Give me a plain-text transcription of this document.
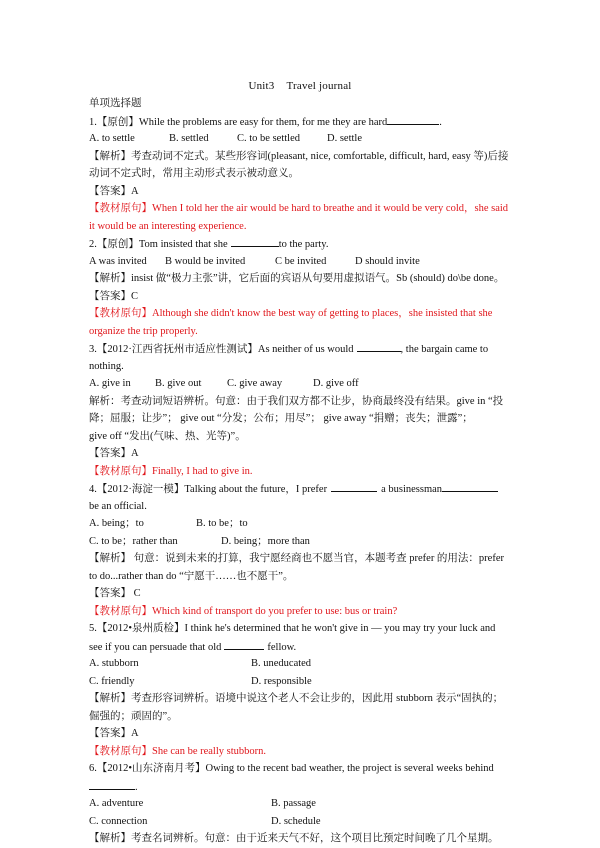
Unit3 Travel journal
单项选择题
1.【原创】While the problems are easy for them, for me they are hard	.
A. to settle	B. settled	C. to be settled	D. settle
【解析】考查动词不定式。某些形容词(pleasant, nice, comfortable, difficult, hard, easy 等)后接
动词不定式时，常用主动形式表示被动意义。
【答案】A
【教材原句】When I told her the air would be hard to breathe and it would be very cold，she said
it would be an interesting experience.
2.【原创】Tom insisted that she	to the party.
A was invited B would be invited	C be invited	D should invite
【解析】insist 做“极力主张”讲，它后面的宾语从句要用虚拟语气。Sb (should) do\be done。
【答案】C
【教材原句】Although she didn't know the best way of getting to places，she insisted that she
organize the trip properly.
3.【2012·江西省抚州市适应性测试】As neither of us would	, the bargain came to
nothing.
A. give in B. give out C. give away	D. give off
解析：考查动词短语辨析。句意：由于我们双方都不让步，协商最终没有结果。give in “投
降；屈服；让步”； give out “分发；公布；用尽”； give away “捐赠；丧失；泄露”；
give off “发出(气味、热、光等)”。
【答案】A
【教材原句】Finally, I had to give in.
4.【2012·海淀一模】Talking about the future，I prefer	a businessman
be an official.
A. being；to	B. to be；to
C. to be；rather than	D. being；more than
【解析】 句意：说到未来的打算，我宁愿经商也不愿当官，本题考查 prefer 的用法：prefer
to do...rather than do “宁愿干……也不愿干”。
【答案】 C
【教材原句】Which kind of transport do you prefer to use: bus or train?
5.【2012•泉州质检】I think he's determined that he won't give in — you may try your luck and
see if you can persuade that old	fellow.
A. stubborn	B. uneducated
C. friendly	D. responsible
【解析】考查形容词辨析。语境中说这个老人不会让步的，因此用 stubborn 表示“固执的；
倔强的；顽固的”。
【答案】A
【教材原句】She can be really stubborn.
6.【2012•山东济南月考】Owing to the recent bad weather, the project is several weeks behind
.
A. adventure	B. passage
C. connection	D. schedule
【解析】考查名词辨析。句意：由于近来天气不好，这个项目比预定时间晚了几个星期。
